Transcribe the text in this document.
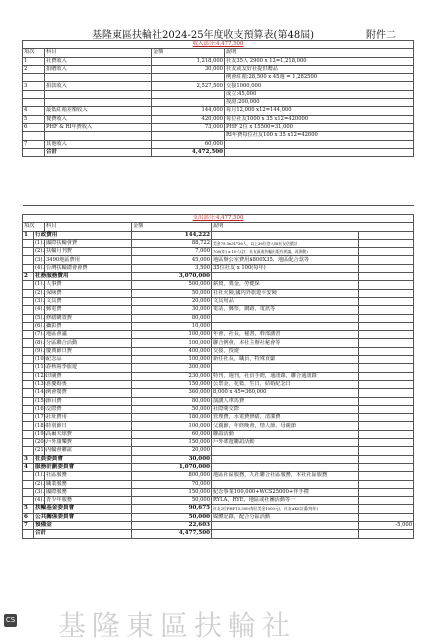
基隆東區扶輪社2024-25年度收支預算表(第48屆)	附件二
收入部分:4,477,500			
項次	科目	金額	說明
1	社費收入	1,218,000	社友35人 2900 x 12=1,218,000
2	捐贈收入	30,000	社友或友好社提供贈品
			例會紅箱:28,500 x 45週 = 1,282500
3	捐款收入	2,527,500	交接1000,000
			成立:45,000
			授證:200,000
4	最低紅箱差額收入	144,000	每月12,000 x12=144,000
5	餐費收入	420,000	每位社友1000 x 35 x12=420000
6	PHF & RI年費收入	73,000	PHF 2位 x 15500=31,000
			RI年費每位社友100 x 35 x12=42000
7	其他收入	60,000	
	合計	4,472,500	

支出部分:4,477,500					
項次		科目	金額	說明	
1	行政費用		144,222		
	(1).	國際扶輪會費	88,722	美金79.5x31*36人，以上36位登入RI社友估價計	
	(2).	扶輪月刊費	7,000	700(年) x 10人(註：社友區或扶輪出版有異議，再異動)	
	(3).	3490地區費用	45,000	地區辦公室費用$800X35，地區配合款等	
	(4).	台灣扶輪總會會費	3,500	35位社友 x 100(每年)	
2	社務服務費用		3,070,000		
	(1).	人事費	500,000	薪資，獎金，勞健保	
	(2).	保險費	50,000	社社火險,國內外旅遊平安險	
	(3).	文具費	20,000	文具用品	
	(4).	郵電費	30,000	電話，郵票，網路，電訊等	
	(5).	修繕購置費	80,000		
	(6).	攝影費	10,000		
	(7).	地區會議	100,000	年會，社長，秘書，幹部講習	
	(8).	分區聯合活動	100,000	聯合例會，本社主辦社秘會等	
	(9).	慶典節日費	400,000	交接，授證	
	(10).	紀念品	100,000	新任社長，職員，特殊貢獻	
	(11).	春秋兩季旅遊	300,000		
	(12).	印刷費	230,000	特刊，週刊，社員手冊，通訊錄，聯合通訊錄	
	(13).	喜慶婚喪	150,000	公祭金，花籃，生日，結婚紀念日	
	(14).	例會餐費	360,000	8,000 x 45=360,000	
	(15).	節目費	80,000	演講人車馬費	
	(16).	交際費	50,000	社際間交際	
	(17).	社址費用	180,000	管理費，水電費修繕，清潔費	
	(18).	特別節日	100,000	父親節，年終晚會，情人節，母親節	
	(19).	高爾夫球費	60,000	聯誼活動	
	(20).	戶外康樂費	150,000	戶外郊遊聯誼活動	
	(21).	內輪會聯誼	20,000		
3	社員委員會		30,000		
4	服務計劃委員會		1,070,000		
	(1).	社區服務	800,000	地區社區服務，九社聯合社區服務，本社社區服務	
	(2).	職業服務	70,000		
	(3).	國際服務	150,000	紀念事業100,000+WCS25000+伴手禮	
	(4).	青少年服務	50,000	RYLA，RYE，地區或社團活動等一	
5	扶輪基金委員會		90,675	社友2位PHF15,500(每位美金1000元)，社友AKS計畫(每年)	
6	公共關係委員會		50,000	媒體記錄，配合分區活動	
7	預備金		22,603		-5,000
	合計		4,477,500		
基隆東區扶輪社
CS
